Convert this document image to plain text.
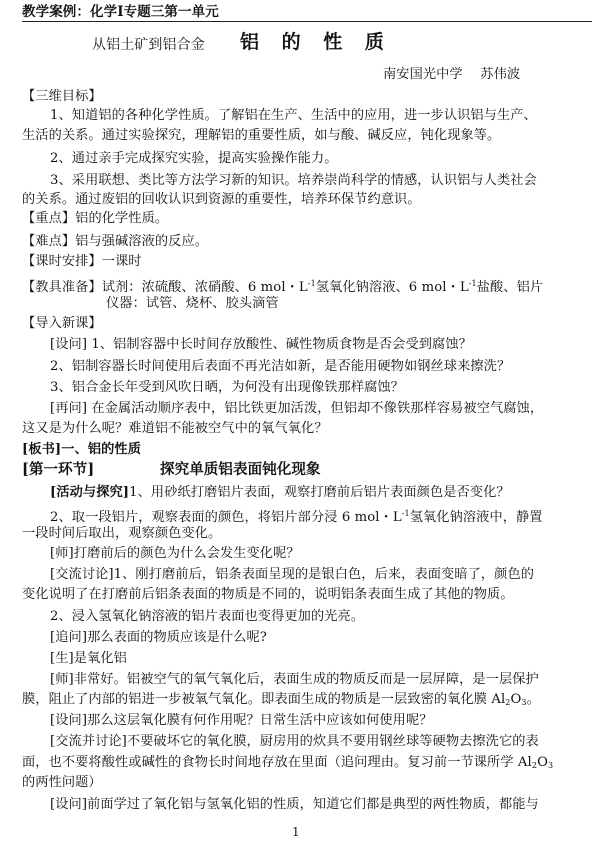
教学案例：化学Ⅰ专题三第一单元
从铝土矿到铝合金 铝 的 性 质
南安国光中学　 苏伟波
【三维目标】
1、知道铝的各种化学性质。了解铝在生产、生活中的应用，进一步认识铝与生产、
生活的关系。通过实验探究，理解铝的重要性质，如与酸、碱反应，钝化现象等。
2、通过亲手完成探究实验，提高实验操作能力。
3、采用联想、类比等方法学习新的知识。培养崇尚科学的情感，认识铝与人类社会
的关系。通过废铝的回收认识到资源的重要性，培养环保节约意识。
【重点】铝的化学性质。
【难点】铝与强碱溶液的反应。
【课时安排】一课时
【教具准备】试剂：浓硫酸、浓硝酸、6 mol・$L^{-1}$氢氧化钠溶液、6 mol・$L^{-1}$盐酸、铝片
仪器：试管、烧杯、胶头滴管
【导入新课】
[设问] 1、铝制容器中长时间存放酸性、碱性物质食物是否会受到腐蚀？
2、铝制容器长时间使用后表面不再光洁如新，是否能用硬物如钢丝球来擦洗？
3、铝合金长年受到风吹日晒，为何没有出现像铁那样腐蚀？
[再问] 在金属活动顺序表中，铝比铁更加活泼，但铝却不像铁那样容易被空气腐蚀，
这又是为什么呢？难道铝不能被空气中的氧气氧化？
[板书]一、铝的性质
[第一环节]	探究单质铝表面钝化现象
[活动与探究]1、用砂纸打磨铝片表面，观察打磨前后铝片表面颜色是否变化？
2、取一段铝片，观察表面的颜色，将铝片部分浸 6 mol・$L^{-1}$氢氧化钠溶液中，静置
一段时间后取出，观察颜色变化。
[师]打磨前后的颜色为什么会发生变化呢？
[交流讨论]1、刚打磨前后，铝条表面呈现的是银白色，后来，表面变暗了，颜色的
变化说明了在打磨前后铝条表面的物质是不同的，说明铝条表面生成了其他的物质。
2、浸入氢氧化钠溶液的铝片表面也变得更加的光亮。
[追问]那么表面的物质应该是什么呢?
[生]是氧化铝
[师]非常好。铝被空气的氧气氧化后，表面生成的物质反而是一层屏障，是一层保护
膜，阻止了内部的铝进一步被氧气氧化。即表面生成的物质是一层致密的氧化膜 $Al_2O_3$。
[设问]那么这层氧化膜有何作用呢？日常生活中应该如何使用呢？
[交流并讨论]不要破坏它的氧化膜，厨房用的炊具不要用钢丝球等硬物去擦洗它的表
面，也不要将酸性或碱性的食物长时间地存放在里面（追问理由。复习前一节课所学 $Al_2O_3$
的两性问题）
[设问]前面学过了氧化铝与氢氧化铝的性质，知道它们都是典型的两性物质，都能与
1
